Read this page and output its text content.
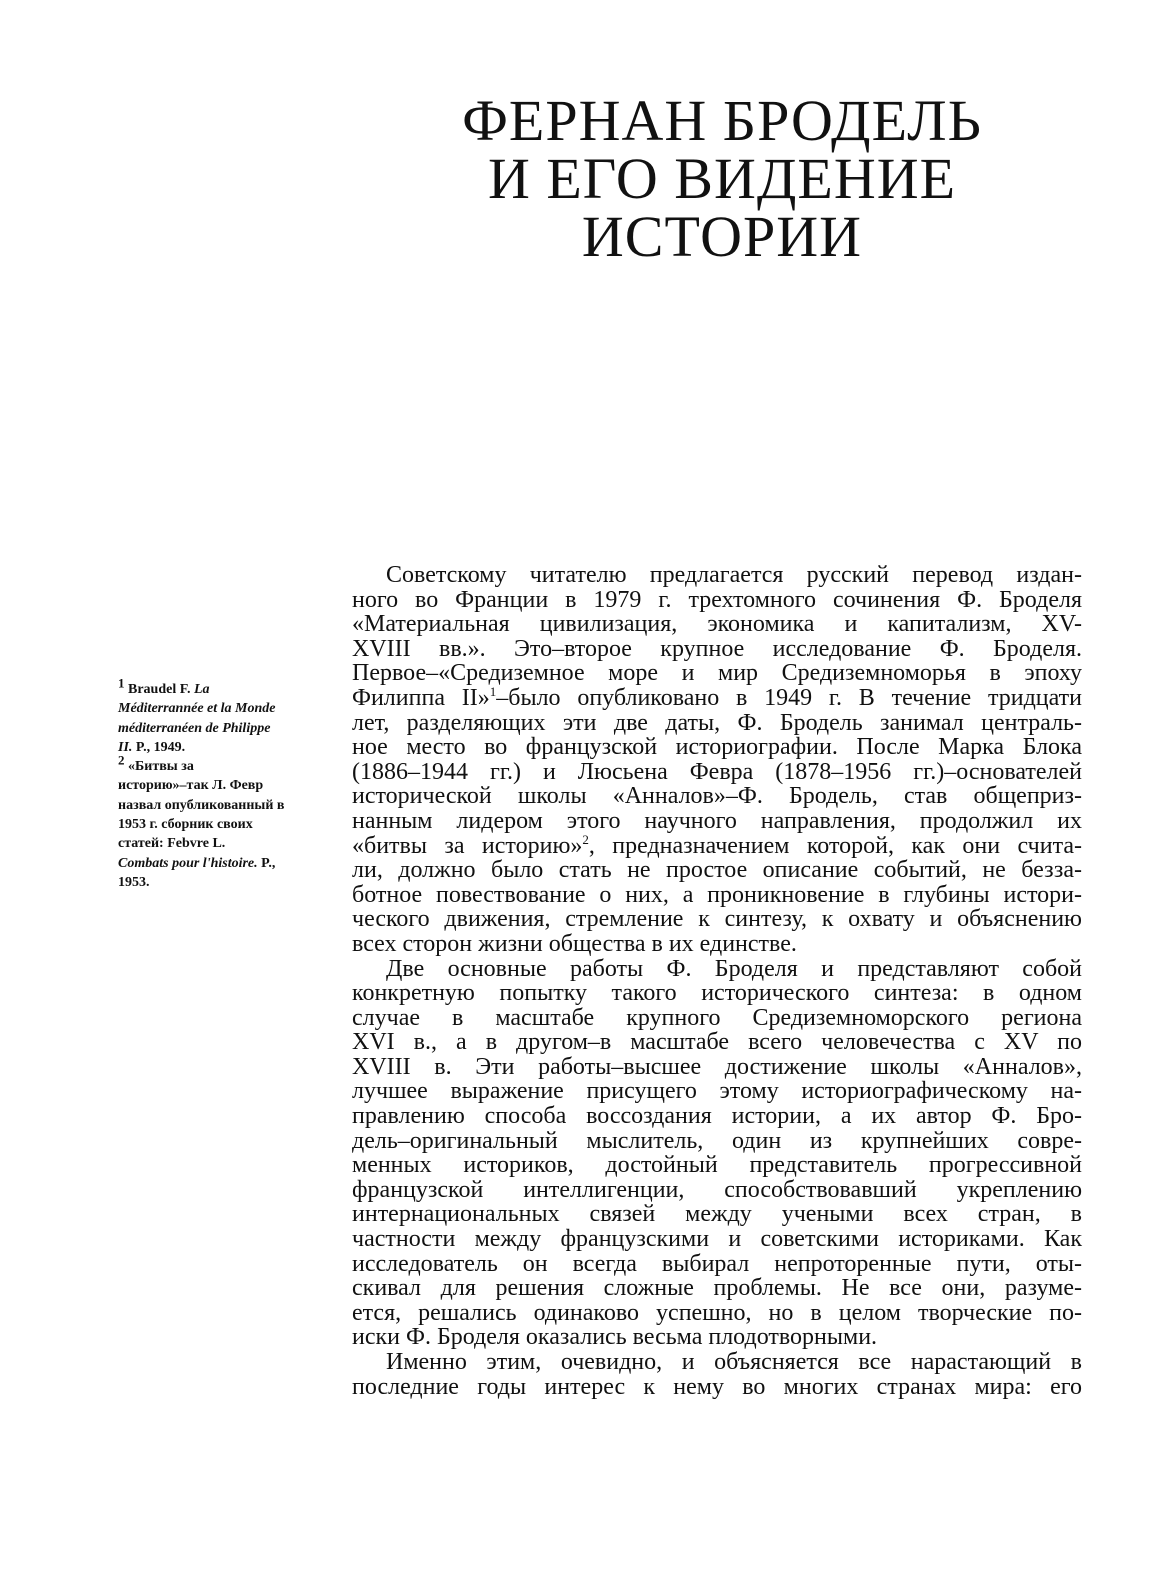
ФЕРНАН БРОДЕЛЬ
И ЕГО ВИДЕНИЕ
ИСТОРИИ
$^1$ Braudel F. La
Méditerrannée et la Monde
méditerranéen de Philippe
II. P., 1949.
$^2$ «Битвы за
историю»–так Л. Февр
назвал опубликованный в
1953 г. сборник своих
статей: Febvre L.
Combats pour l'histoire. P.,
1953.
Советскому читателю предлагается русский перевод издан-
ного во Франции в 1979 г. трехтомного сочинения Ф. Броделя
«Материальная цивилизация, экономика и капитализм, XV-
XVIII вв.». Это–второе крупное исследование Ф. Броделя.
Первое–«Средиземное море и мир Средиземноморья в эпоху
Филиппа II»$^1$–было опубликовано в 1949 г. В течение тридцати
лет, разделяющих эти две даты, Ф. Бродель занимал централь-
ное место во французской историографии. После Марка Блока
(1886–1944 гг.) и Люсьена Февра (1878–1956 гг.)–основателей
исторической школы «Анналов»–Ф. Бродель, став общеприз-
нанным лидером этого научного направления, продолжил их
«битвы за историю»$^2$, предназначением которой, как они счита-
ли, должно было стать не простое описание событий, не безза-
ботное повествование о них, а проникновение в глубины истори-
ческого движения, стремление к синтезу, к охвату и объяснению
всех сторон жизни общества в их единстве.
Две основные работы Ф. Броделя и представляют собой
конкретную попытку такого исторического синтеза: в одном
случае в масштабе крупного Средиземноморского региона
XVI в., а в другом–в масштабе всего человечества с XV по
XVIII в. Эти работы–высшее достижение школы «Анналов»,
лучшее выражение присущего этому историографическому на-
правлению способа воссоздания истории, а их автор Ф. Бро-
дель–оригинальный мыслитель, один из крупнейших совре-
менных историков, достойный представитель прогрессивной
французской интеллигенции, способствовавший укреплению
интернациональных связей между учеными всех стран, в
частности между французскими и советскими историками. Как
исследователь он всегда выбирал непроторенные пути, оты-
скивал для решения сложные проблемы. Не все они, разуме-
ется, решались одинаково успешно, но в целом творческие по-
иски Ф. Броделя оказались весьма плодотворными.
Именно этим, очевидно, и объясняется все нарастающий в
последние годы интерес к нему во многих странах мира: его
